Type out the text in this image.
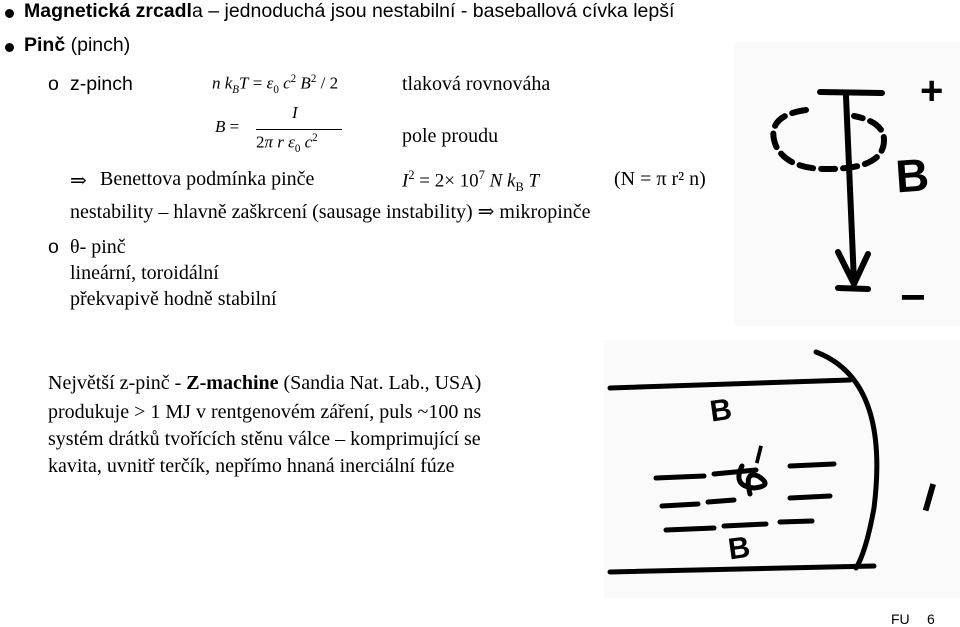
Magnetická zrcadla – jednoduchá jsou nestabilní - baseballová cívka lepší
Pinč (pinch)
o z-pinch	n $k_BT = \varepsilon_0$ $c^2$ $B^2 / 2$	tlaková rovnováha
B =
I
2π r $\varepsilon_0$ $c^2$	pole proudu
⇒ Benettova podmínka pinče	$I^2 = 2\times 10^7$ N $k_B$ T	(N = π r² n)
nestability – hlavně zaškrcení (sausage instability) ⇒ mikropinče
o θ- pinč
lineární, toroidální
překvapivě hodně stabilní
Největší z-pinč - Z-machine (Sandia Nat. Lab., USA)
produkuje > 1 MJ v rentgenovém záření, puls ~100 ns
systém drátků tvořících stěnu válce – komprimující se
kavita, uvnitř terčík, nepřímo hnaná inerciální fúze
+
B
−
B
B
I
I
FU 6
